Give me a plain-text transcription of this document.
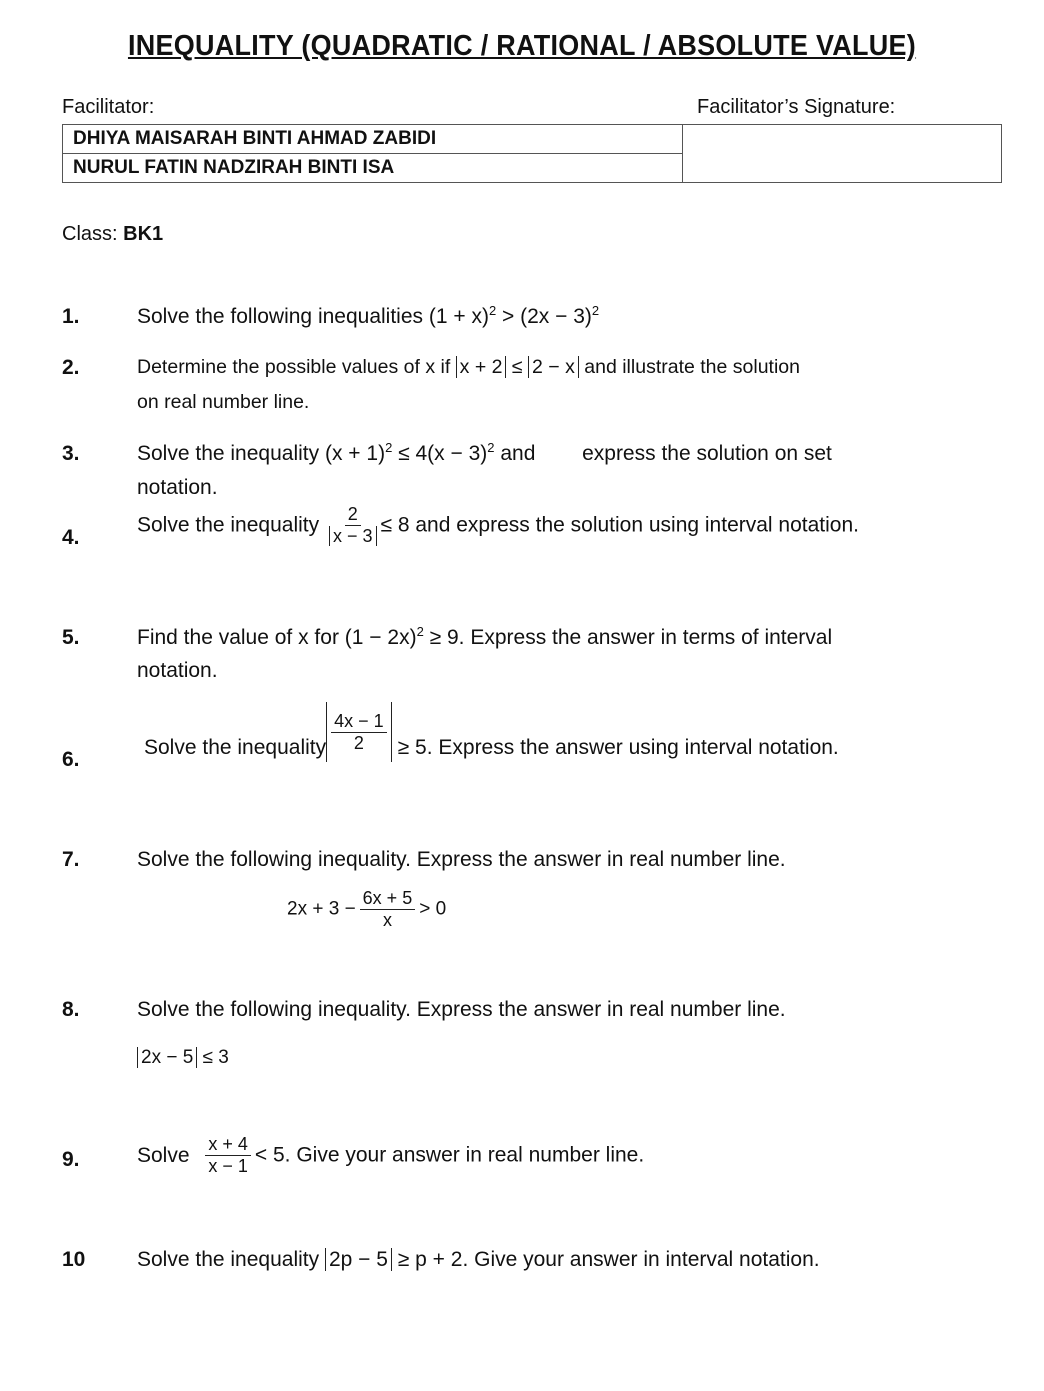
INEQUALITY (QUADRATIC / RATIONAL / ABSOLUTE VALUE)
Facilitator:	Facilitator’s Signature:
DHIYA MAISARAH BINTI AHMAD ZABIDI	
NURUL FATIN NADZIRAH BINTI ISA
Class: BK1
1.	Solve the following inequalities $(1 + x)^2 > (2x - 3)^2$
2.	Determine the possible values of x if x + 2 ≤ 2 − x and illustrate the solution
on real number line.
3.	Solve the inequality $(x + 1)^2 \le 4(x - 3)^2$ and        express the solution on set
notation.
4.
Solve the inequality $\frac{2}{x - 3} \le 8$ and express the solution using interval notation.
5.	Find the value of x for $(1 - 2x)^2 \ge 9$. Express the answer in terms of interval
notation.
6.
Solve the inequality $\frac{4x - 1}{2} \ge 5$. Express the answer using interval notation.
7.	Solve the following inequality. Express the answer in real number line.
$2x + 3 - \frac{6x + 5}{x} > 0$
8.	Solve the following inequality. Express the answer in real number line.
2x − 5 ≤ 3
9.	Solve $\frac{x + 4}{x - 1} < 5$. Give your answer in real number line.
10 Solve the inequality 2p − 5 ≥ p + 2. Give your answer in interval notation.
